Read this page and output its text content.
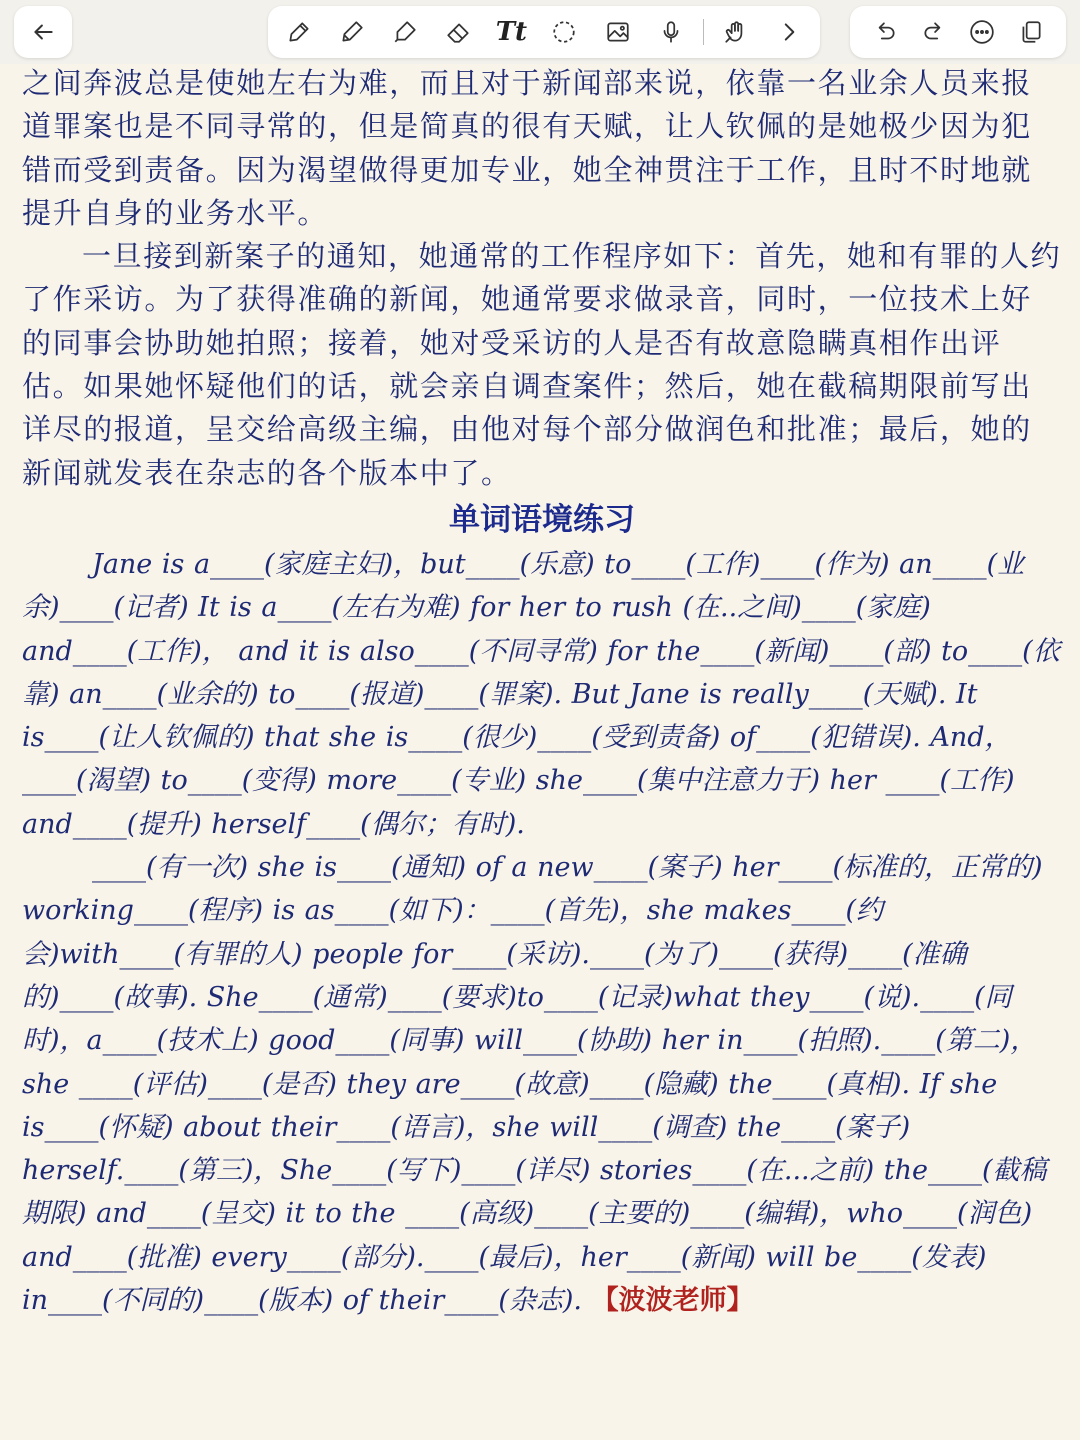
Tt

之间奔波总是使她左右为难，而且对于新闻部来说，依靠一名业余人员来报道罪案也是不同寻常的，但是简真的很有天赋，让人钦佩的是她极少因为犯错而受到责备。因为渴望做得更加专业，她全神贯注于工作，且时不时地就提升自身的业务水平。

一旦接到新案子的通知，她通常的工作程序如下：首先，她和有罪的人约了作采访。为了获得准确的新闻，她通常要求做录音，同时，一位技术上好的同事会协助她拍照；接着，她对受采访的人是否有故意隐瞒真相作出评估。如果她怀疑他们的话，就会亲自调查案件；然后，她在截稿期限前写出详尽的报道，呈交给高级主编，由他对每个部分做润色和批准；最后，她的新闻就发表在杂志的各个版本中了。

单词语境练习

Jane is a____(家庭主妇)，but____(乐意) to____(工作)____(作为) an____(业余)____(记者) It is a____(左右为难) for her to rush (在..之间)____(家庭) and____(工作)， and it is also____(不同寻常) for the____(新闻)____(部) to____(依靠) an____(业余的) to____(报道)____(罪案). But Jane is really____(天赋). It is____(让人钦佩的) that she is____(很少)____(受到责备) of____(犯错误). And，____(渴望) to____(变得) more____(专业) she____(集中注意力于) her ____(工作) and____(提升) herself____(偶尔；有时).

____(有一次) she is____(通知) of a new____(案子) her____(标准的，正常的) working____(程序) is as____(如下)：____(首先)，she makes____(约会)with____(有罪的人) people for____(采访).____(为了)____(获得)____(准确的)____(故事). She____(通常)____(要求)to____(记录)what they____(说).____(同时)，a____(技术上) good____(同事) will____(协助) her in____(拍照).____(第二)，she ____(评估)____(是否) they are____(故意)____(隐藏) the____(真相). If she is____(怀疑) about their____(语言)，she will____(调查) the____(案子) herself.____(第三)，She____(写下)____(详尽) stories____(在...之前) the____(截稿期限) and____(呈交) it to the ____(高级)____(主要的)____(编辑)，who____(润色) and____(批准) every____(部分).____(最后)，her____(新闻) will be____(发表) in____(不同的)____(版本) of their____(杂志). 【波波老师】
